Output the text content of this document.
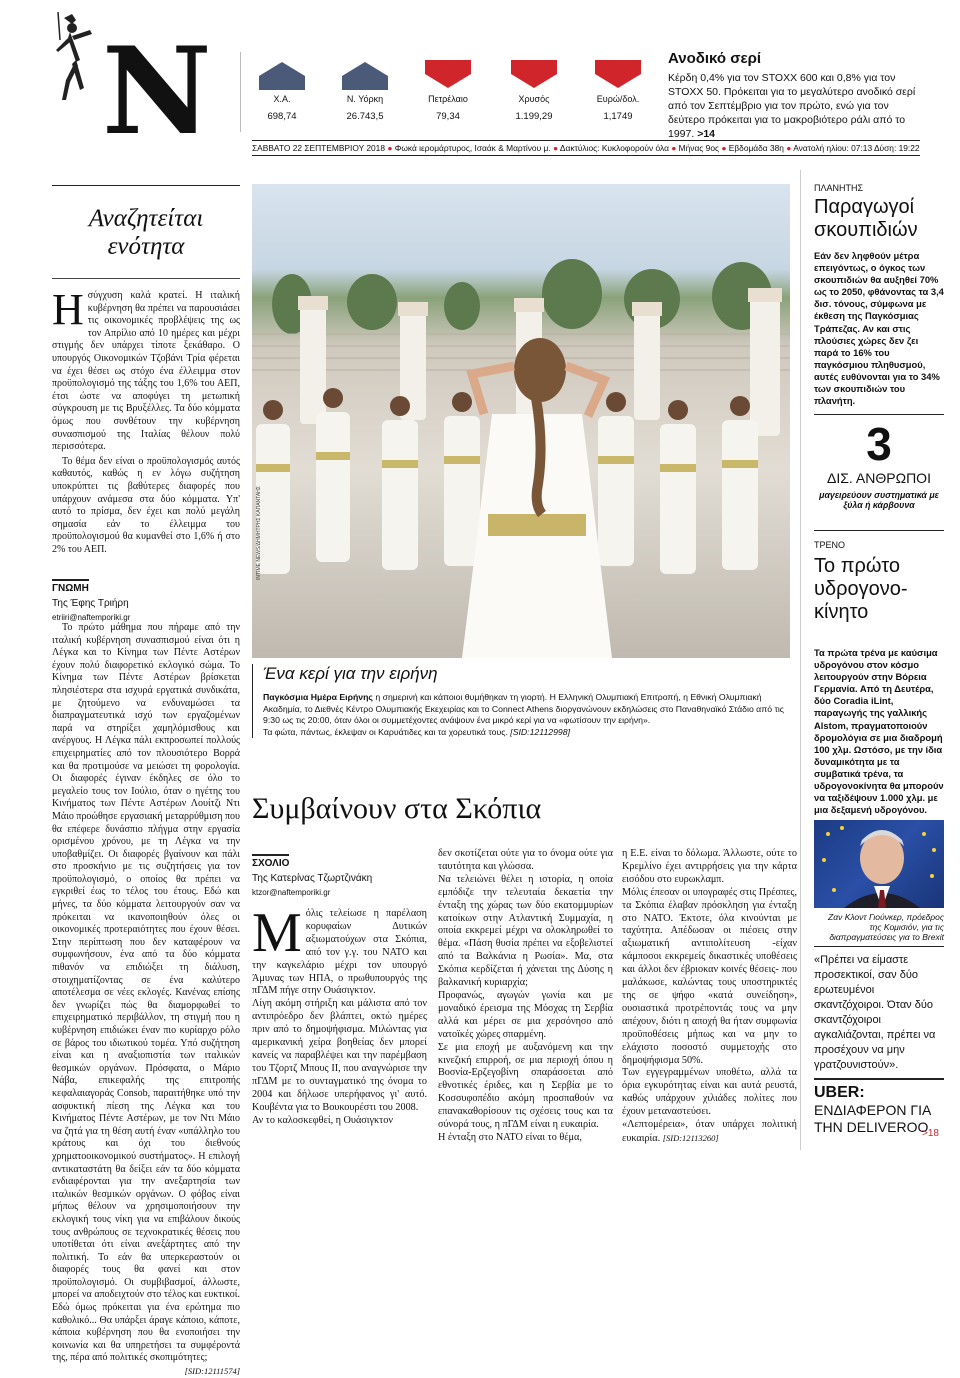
N	Χ.Α.
698,74
Ν. Υόρκη
26.743,5
Πετρέλαιο
79,34
Χρυσός
1.199,29
Ευρώ/δολ.
1,1749
Ανοδικό σερί
Κέρδη 0,4% για τον STOXX 600 και 0,8% για τον STOXX 50. Πρόκειται για το μεγαλύτερο ανοδικό σερί από τον Σεπτέμβριο για τον πρώτο, ενώ για τον δεύτερο πρόκειται για το μακροβιότερο ράλι από το 1997. >14
ΣΑΒΒΑΤΟ 22 ΣΕΠΤΕΜΒΡΙΟΥ 2018 ● Φωκά ιερομάρτυρος, Ισαάκ & Μαρτίνου μ. ● Δακτύλιος: Κυκλοφορούν όλα ● Μήνας 9ος ● Εβδομάδα 38η ● Ανατολή ηλίου: 07:13 Δύση: 19:22
Αναζητείται ενότητα
Η σύγχυση καλά κρατεί. Η ιταλική κυβέρνηση θα πρέπει να παρουσιάσει τις οικονομικές προβλέψεις της ως τον Απρίλιο από 10 ημέρες και μέχρι στιγμής δεν υπάρχει τίποτε ξεκάθαρο. Ο υπουργός Οικονομικών Τζοβάνι Τρία φέρεται να έχει θέσει ως στόχο ένα έλλειμμα στον προϋπολογισμό της τάξης του 1,6% του ΑΕΠ, έτσι ώστε να αποφύγει τη μετωπική σύγκρουση με τις Βρυξέλλες. Τα δύο κόμματα όμως που συνθέτουν την κυβέρνηση συνασπισμού της Ιταλίας θέλουν πολύ περισσότερα.

Το θέμα δεν είναι ο προϋπολογισμός αυτός καθαυτός, καθώς η εν λόγω συζήτηση υποκρύπτει τις βαθύτερες διαφορές που υπάρχουν ανάμεσα στα δύο κόμματα. Υπ' αυτό το πρίσμα, δεν έχει και πολύ μεγάλη σημασία εάν το έλλειμμα του προϋπολογισμού θα κυμανθεί στο 1,6% ή στο 2% του ΑΕΠ.

ΓΝΩΜΗ
Της Έφης Τριήρη
etriiri@naftemporiki.gr

Το πρώτο μάθημα που πήραμε από την ιταλική κυβέρνηση συνασπισμού είναι ότι η Λέγκα και το Κίνημα των Πέντε Αστέρων έχουν πολύ διαφορετικό εκλογικό σώμα. Το Κίνημα των Πέντε Αστέρων βρίσκεται πλησιέστερα στα ισχυρά εργατικά συνδικάτα, με ζητούμενο να ενδυναμώσει τα διαπραγματευτικά ισχύ των εργαζομένων παρά να στηρίξει χαμηλόμισθους και ανέργους. Η Λέγκα πάλι εκπροσωπεί πολλούς επιχειρηματίες από τον πλουσιότερο Βορρά και θα προτιμούσε να μειώσει τη φορολογία. Οι διαφορές έγιναν έκδηλες σε όλο το μεγαλείο τους τον Ιούλιο, όταν ο ηγέτης του Κινήματος των Πέντε Αστέρων Λουίτζι Ντι Μάιο προώθησε εργασιακή μεταρρύθμιση που θα επέφερε δυνάσπιο πλήγμα στην εργασία ορισμένου χρόνου, με τη Λέγκα να την υποβαθμίζει. Οι διαφορές βγαίνουν και πάλι στο προσκήνιο με τις συζητήσεις για τον προϋπολογισμό, ο οποίος θα πρέπει να εγκριθεί έως το τέλος του έτους. Εδώ και μήνες, τα δύο κόμματα λειτουργούν σαν να πρόκειται να ικανοποιηθούν όλες οι οικονομικές προτεραιότητες που έχουν θέσει. Στην περίπτωση που δεν καταφέρουν να συμφωνήσουν, ένα από τα δύο κόμματα πιθανόν να επιδιώξει τη διάλυση, στοιχηματίζοντας σε ένα καλύτερο αποτέλεσμα σε νέες εκλογές. Κανένας επίσης δεν γνωρίζει πώς θα διαμορφωθεί το επιχειρηματικό περιβάλλον, τη στιγμή που η κυβέρνηση επιδιώκει έναν πιο κυρίαρχο ρόλο σε βάρος του ιδιωτικού τομέα. Υπό συζήτηση είναι και η αναξιοπιστία των ιταλικών θεσμικών οργάνων. Πρόσφατα, ο Μάριο Νάβα, επικεφαλής της επιτροπής κεφαλαιαγοράς Consob, παραιτήθηκε υπό την ασφυκτική πίεση της Λέγκα και του Κινήματος Πέντε Αστέρων, με τον Ντι Μάιο να ζητά για τη θέση αυτή έναν «υπάλληλο του κράτους και όχι του διεθνούς χρηματοοικονομικού συστήματος». Η επιλογή αντικαταστάτη θα δείξει εάν τα δύο κόμματα ενδιαφέρονται για την ανεξαρτησία των ιταλικών θεσμικών οργάνων. Ο φόβος είναι μήπως θέλουν να χρησιμοποιήσουν την εκλογική τους νίκη για να επιβάλουν δικούς τους ανθρώπους σε τεχνοκρατικές θέσεις που υποτίθεται ότι είναι ανεξάρτητες από την πολιτική. Το εάν θα υπερκεραστούν οι διαφορές τους θα φανεί και στον προϋπολογισμό. Οι συμβιβασμοί, άλλωστε, μπορεί να αποδειχτούν στο τέλος και ευκτικοί. Εδώ όμως πρόκειται για ένα ερώτημα πιο καθολικό... Θα υπάρξει άραγε κάποιο, κάποτε, κάποια κυβέρνηση που θα ενοποιήσει την κοινωνία και θα υπηρετήσει τα συμφέροντά της, πέρα από πολιτικές σκοπιμότητες;

[SID:12111574]

INTIME NEWS/ΔΗΜΗΤΡΗΣ ΚΑΠΑΝΤΑΗΣ
Ένα κερί για την ειρήνη
Παγκόσμια Ημέρα Ειρήνης η σημερινή και κάποιοι θυμήθηκαν τη γιορτή. Η Ελληνική Ολυμπιακή Επιτροπή, η Εθνική Ολυμπιακή Ακαδημία, το Διεθνές Κέντρο Ολυμπιακής Εκεχειρίας και το Connect Athens διοργανώνουν εκδηλώσεις στο Παναθηναϊκό Στάδιο από τις 9:30 ως τις 20:00, όταν όλοι οι συμμετέχοντες ανάψουν ένα μικρό κερί για να «φωτίσουν την ειρήνη».
Τα φώτα, πάντως, έκλεψαν οι Καρυάτιδες και τα χορευτικά τους. [SID:12112998]
Συμβαίνουν στα Σκόπια
ΣΧΟΛΙΟ
Της Κατερίνας Τζωρτζινάκη
ktzor@naftemporiki.gr
Μόλις τελείωσε η παρέλαση κορυφαίων Δυτικών αξιωματούχων στα Σκόπια, από τον γ.γ. του ΝΑΤΟ και την καγκελάριο μέχρι τον υπουργό Άμυνας των ΗΠΑ, ο πρωθυπουργός της πΓΔΜ πήγε στην Ουάσιγκτον.
Λίγη ακόμη στήριξη και μάλιστα από τον αντιπρόεδρο δεν βλάπτει, οκτώ ημέρες πριν από το δημοψήφισμα. Μιλώντας για αμερικανική χείρα βοηθείας δεν μπορεί κανείς να παραβλέψει και την παρέμβαση του Τζορτζ Μπους ΙΙ, που αναγνώρισε την πΓΔΜ με το συνταγματικό της όνομα το 2004 και δήλωσε υπερήφανος γι' αυτό. Κουβέντα για το Βουκουρέστι του 2008.
Αν το καλοσκεφθεί, η Ουάσιγκτον
δεν σκοτίζεται ούτε για το όνομα ούτε για ταυτότητα και γλώσσα.
Να τελειώνει θέλει η ιστορία, η οποία εμπόδιζε την τελευταία δεκαετία την ένταξη της χώρας των δύο εκατομμυρίων κατοίκων στην Ατλαντική Συμμαχία, η οποία εκκρεμεί μέχρι να ολοκληρωθεί το θέμα. «Πάση θυσία πρέπει να εξοβελιστεί από τα Βαλκάνια η Ρωσία». Μα, στα Σκόπια κερδίζεται ή χάνεται της Δύσης η βαλκανική κυριαρχία;
Προφανώς, αγωγών γωνία και με μοναδικό έρεισμα της Μόσχας τη Σερβία αλλά και μέρει σε μια χερσόνησο από νατοϊκές χώρες σπαρμένη.
Σε μια εποχή με αυξανόμενη και την κινεζική επιρροή, σε μια περιοχή όπου η Βοσνία-Ερζεγοβίνη σπαράσσεται από εθνοτικές έριδες, και η Σερβία με το Κοσσυφοπέδιο ακόμη προσπαθούν να επανακαθορίσουν τις σχέσεις τους και τα σύνορά τους, η πΓΔΜ είναι η ευκαιρία.
Η ένταξη στο ΝΑΤΟ είναι το θέμα,
η Ε.Ε. είναι το δόλωμα. Άλλωστε, ούτε το Κρεμλίνο έχει αντιρρήσεις για την κάρτα εισόδου στο ευρωκλαμπ.
Μόλις έπεσαν οι υπογραφές στις Πρέσπες, τα Σκόπια έλαβαν πρόσκληση για ένταξη στο ΝΑΤΟ. Έκτοτε, όλα κινούνται με ταχύτητα. Απέδωσαν οι πιέσεις στην αξιωματική αντιπολίτευση -είχαν κάμποσοι εκκρεμείς δικαστικές υποθέσεις και άλλοι δεν έβριοκαν κοινές θέσεις- που μαλάκωσε, καλώντας τους υποστηρικτές της σε ψήφο «κατά συνείδηση», ουσιαστικά προτρέποντάς τους να μην απέχουν, διότι η αποχή θα ήταν συμφωνία προϋποθέσεις μήπως και να μην το ελάχιστο ποσοστό συμμετοχής στο δημοψήφισμα 50%.
Των εγγεγραμμένων υποθέτω, αλλά τα όρια εγκυρότητας είναι και αυτά ρευστά, καθώς υπάρχουν χιλιάδες πολίτες που έχουν μεταναστεύσει.
«Λεπτομέρεια», όταν υπάρχει πολιτική ευκαιρία. [SID:12113260]
ΠΛΑΝΗΤΗΣ
Παραγωγοί σκουπιδιών
Εάν δεν ληφθούν μέτρα επειγόντως, ο όγκος των σκουπιδιών θα αυξηθεί 70% ως το 2050, φθάνοντας τα 3,4 δισ. τόνους, σύμφωνα με έκθεση της Παγκόσμιας Τράπεζας. Αν και στις πλούσιες χώρες δεν ζει παρά το 16% του παγκόσμιου πληθυσμού, αυτές ευθύνονται για το 34% των σκουπιδιών του πλανήτη.
3
ΔΙΣ. ΑΝΘΡΩΠΟΙ
μαγειρεύουν συστηματικά με ξύλα ή κάρβουνα
ΤΡΕΝΟ
Το πρώτο υδρογονο-κίνητο
Τα πρώτα τρένα με καύσιμα υδρογόνου στον κόσμο λειτουργούν στην Βόρεια Γερμανία. Από τη Δευτέρα, δύο Coradia iLint, παραγωγής της γαλλικής Alstom, πραγματοποιούν δρομολόγια σε μια διαδρομή 100 χλμ. Ωστόσο, με την ίδια δυναμικότητα με τα συμβατικά τρένα, τα υδρογονοκίνητα θα μπορούν να ταξιδέψουν 1.000 χλμ. με μια δεξαμενή υδρογόνου.
Ζαν Κλοντ Γιούνκερ, πρόεδρος της Κομισιόν, για τις διαπραγματεύσεις για το Brexit
«Πρέπει να είμαστε προσεκτικοί, σαν δύο ερωτευμένοι σκαντζόχοιροι. Όταν δύο σκαντζόχοιροι αγκαλιάζονται, πρέπει να προσέχουν να μην γρατζουνιστούν».
UBER:
ΕΝΔΙΑΦΕΡΟΝ ΓΙΑ ΤΗΝ DELIVEROO
>18
